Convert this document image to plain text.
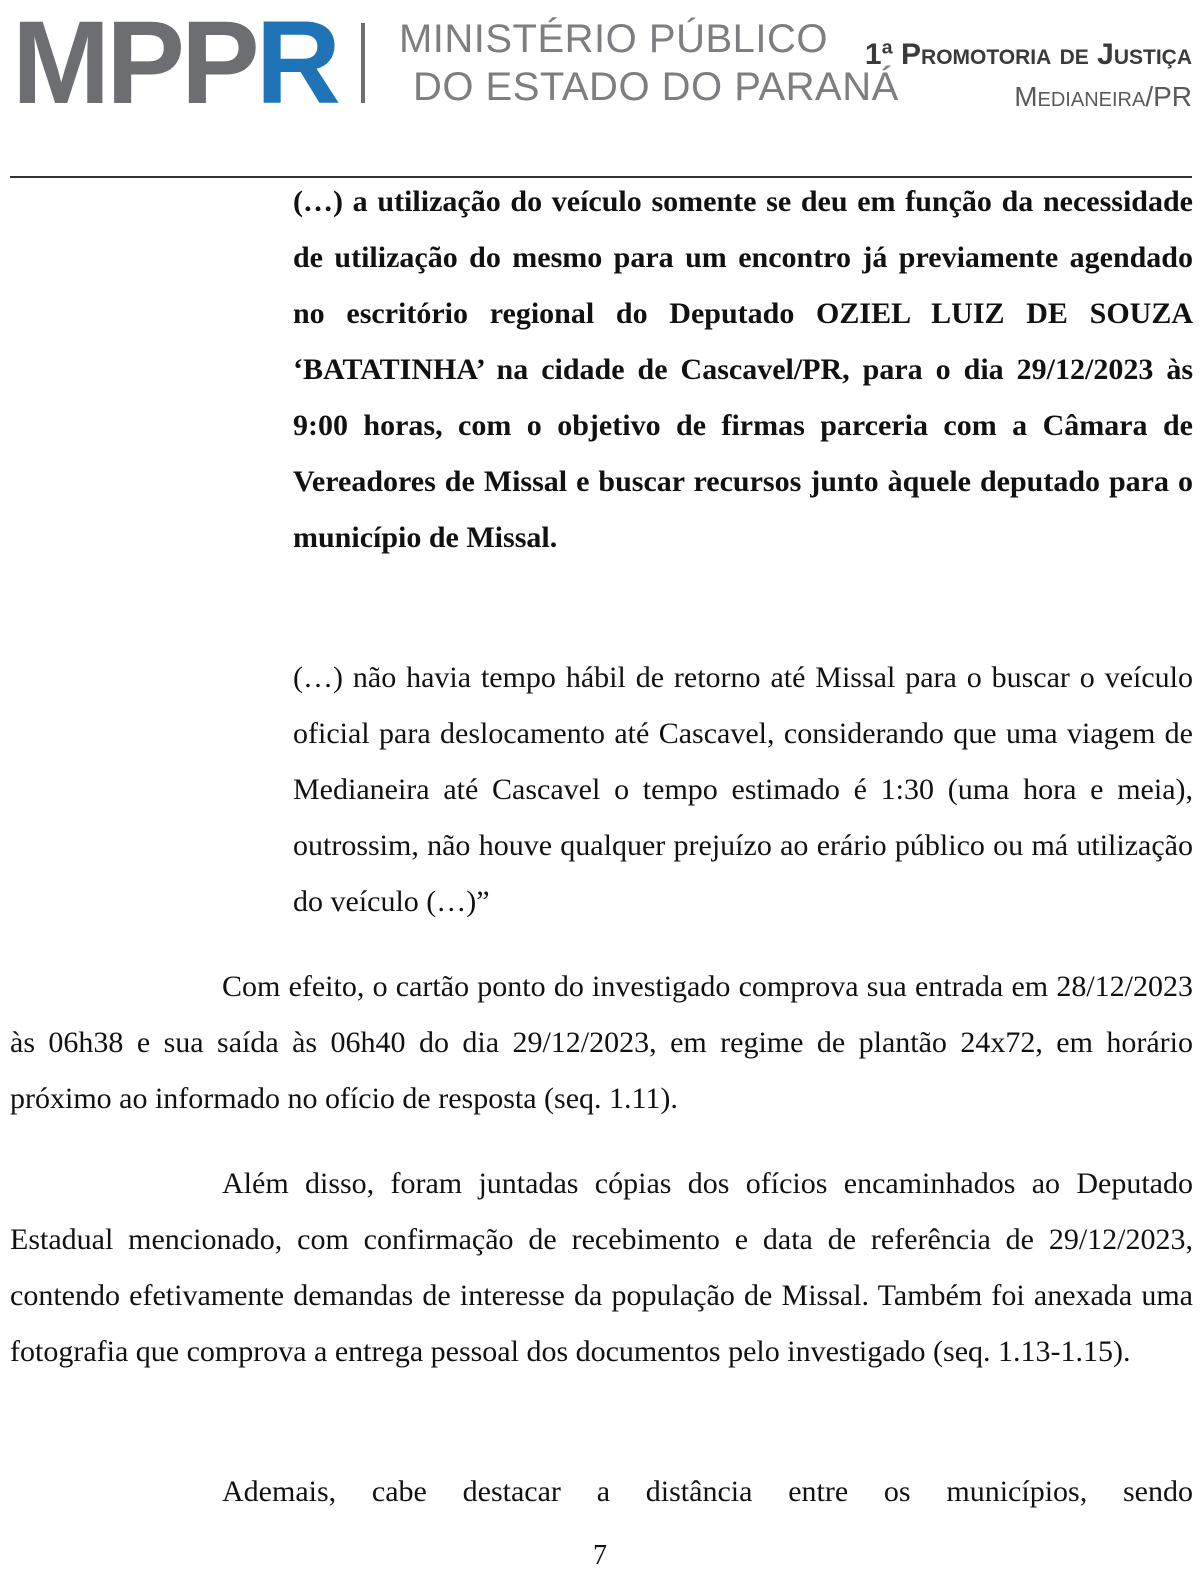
MPPR MINISTÉRIO PÚBLICO
DO ESTADO DO PARANÁ
1ª Promotoria de Justiça
Medianeira/PR
(…) a utilização do veículo somente se deu em função da necessidade de utilização do mesmo para um encontro já previamente agendado no escritório regional do Deputado OZIEL LUIZ DE SOUZA ‘BATATINHA’ na cidade de Cascavel/PR, para o dia 29/12/2023 às 9:00 horas, com o objetivo de firmas parceria com a Câmara de Vereadores de Missal e buscar recursos junto àquele deputado para o município de Missal.
(…) não havia tempo hábil de retorno até Missal para o buscar o veículo oficial para deslocamento até Cascavel, considerando que uma viagem de Medianeira até Cascavel o tempo estimado é 1:30 (uma hora e meia), outrossim, não houve qualquer prejuízo ao erário público ou má utilização do veículo (…)”
Com efeito, o cartão ponto do investigado comprova sua entrada em 28/12/2023 às 06h38 e sua saída às 06h40 do dia 29/12/2023, em regime de plantão 24x72, em horário próximo ao informado no ofício de resposta (seq. 1.11).
Além disso, foram juntadas cópias dos ofícios encaminhados ao Deputado Estadual mencionado, com confirmação de recebimento e data de referência de 29/12/2023, contendo efetivamente demandas de interesse da população de Missal. Também foi anexada uma fotografia que comprova a entrega pessoal dos documentos pelo investigado (seq. 1.13-1.15).
Ademais, cabe destacar a distância entre os municípios, sendo
7
